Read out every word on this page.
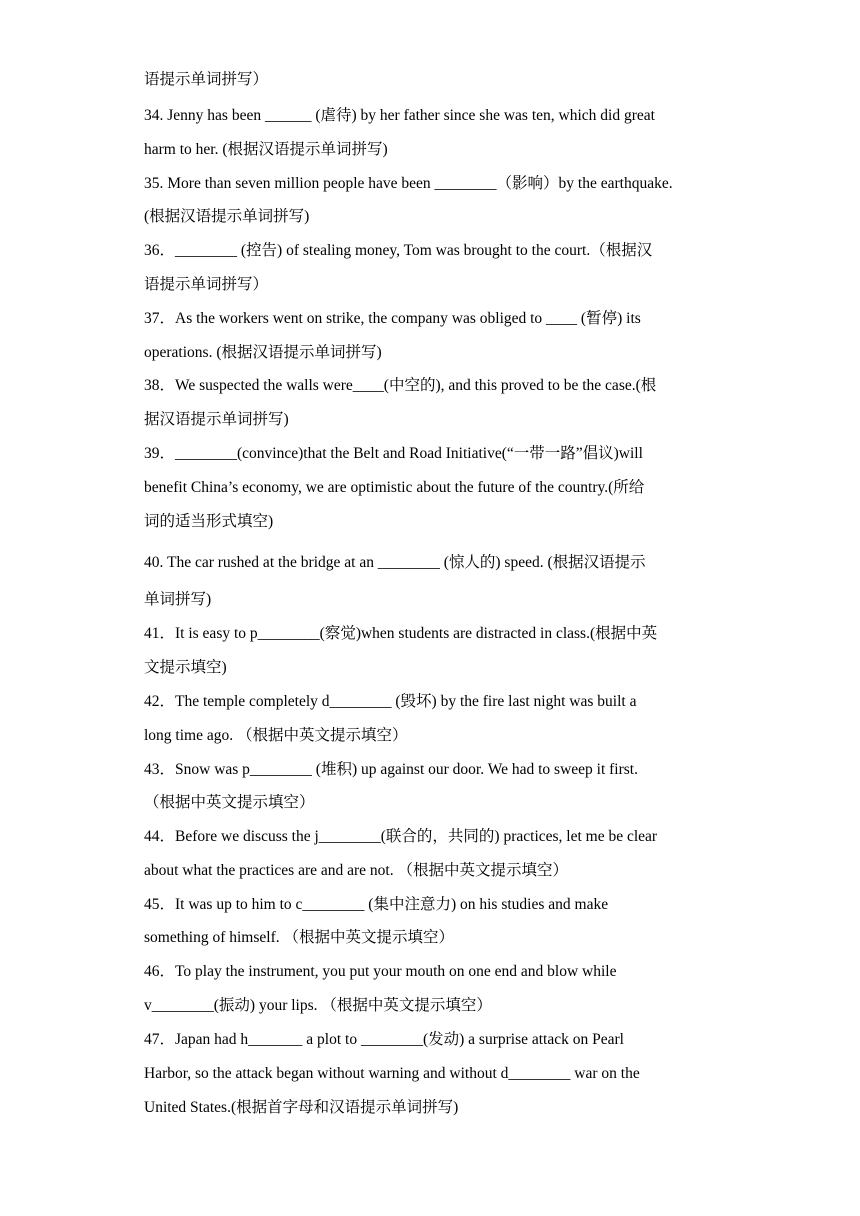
语提示单词拼写）
34. Jenny has been ______ (虐待) by her father since she was ten, which did great
harm to her. (根据汉语提示单词拼写)
35. More than seven million people have been ________（影响）by the earthquake.
(根据汉语提示单词拼写)
36．________ (控告) of stealing money, Tom was brought to the court.（根据汉
语提示单词拼写）
37．As the workers went on strike, the company was obliged to ____ (暂停) its
operations. (根据汉语提示单词拼写)
38．We suspected the walls were____(中空的), and this proved to be the case.(根
据汉语提示单词拼写)
39．________(convince)that the Belt and Road Initiative(“一带一路”倡议)will
benefit China’s economy, we are optimistic about the future of the country.(所给
词的适当形式填空)
40. The car rushed at the bridge at an ________ (惊人的) speed. (根据汉语提示
单词拼写)
41．It is easy to p________(察觉)when students are distracted in class.(根据中英
文提示填空)
42．The temple completely d________ (毁坏) by the fire last night was built a
long time ago. （根据中英文提示填空）
43．Snow was p________ (堆积) up against our door. We had to sweep it first.
（根据中英文提示填空）
44．Before we discuss the j________(联合的，共同的) practices, let me be clear
about what the practices are and are not. （根据中英文提示填空）
45．It was up to him to c________ (集中注意力) on his studies and make
something of himself. （根据中英文提示填空）
46．To play the instrument, you put your mouth on one end and blow while
v________(振动) your lips. （根据中英文提示填空）
47．Japan had h_______ a plot to ________(发动) a surprise attack on Pearl
Harbor, so the attack began without warning and without d________ war on the
United States.(根据首字母和汉语提示单词拼写)
